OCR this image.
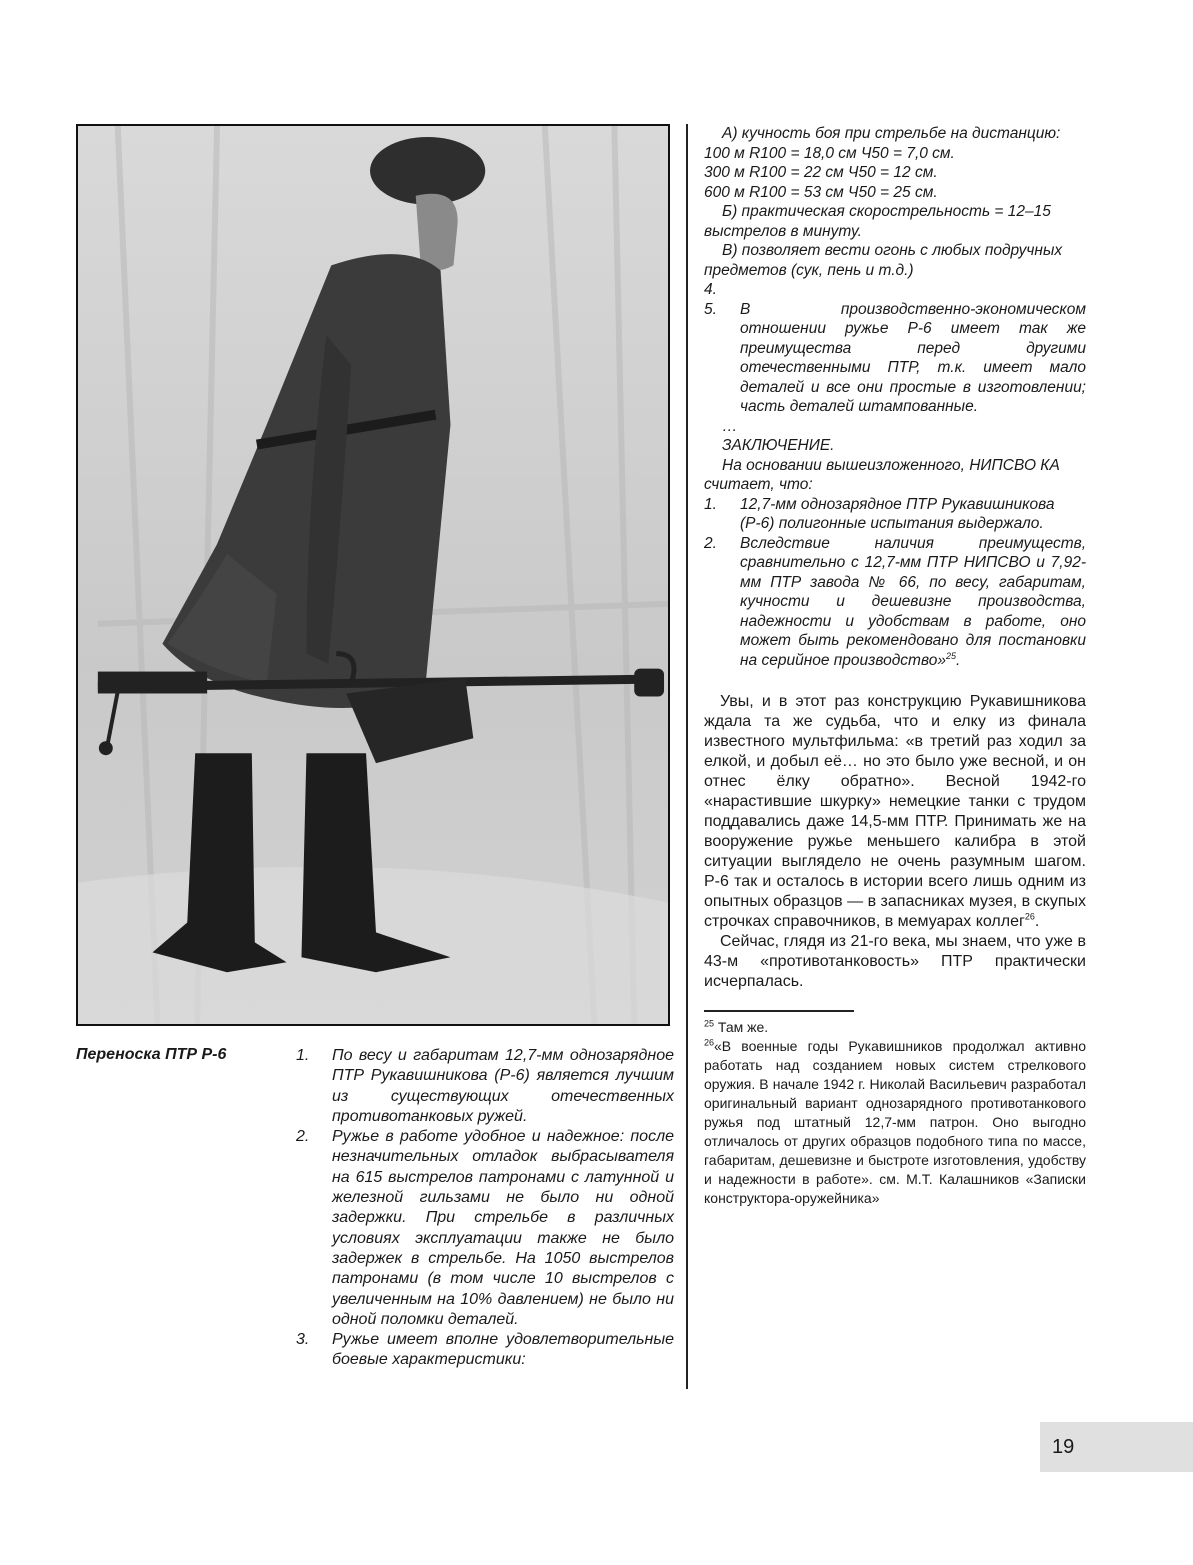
А) кучность боя при стрельбе на дистанцию:

100 м R100 = 18,0 см Ч50 = 7,0 см.

300 м R100 = 22 см Ч50 = 12 см.

600 м R100 = 53 см Ч50 = 25 см.

Б) практическая скорострельность = 12–15 выстрелов в минуту.

В) позволяет вести огонь с любых подручных предметов (сук, пень и т.д.)

4.
5.	В производственно-экономическом отношении ружье Р-6 имеет так же преимущества перед другими отечественными ПТР, т.к. имеет мало деталей и все они простые в изготовлении; часть деталей штампованные.

…

ЗАКЛЮЧЕНИЕ.

На основании вышеизложенного, НИПСВО КА считает, что:

1.	12,7-мм однозарядное ПТР Рукавишникова (Р-6) полигонные испытания выдержало.
2.	Вследствие наличия преимуществ, сравнительно с 12,7-мм ПТР НИПСВО и 7,92-мм ПТР завода № 66, по весу, габаритам, кучности и дешевизне производства, надежности и удобствам в работе, оно может быть рекомендовано для постановки на серийное производство»$^{25}$.

Увы, и в этот раз конструкцию Рукавишникова ждала та же судьба, что и елку из финала известного мультфильма: «в третий раз ходил за елкой, и добыл её… но это было уже весной, и он отнес ёлку обратно». Весной 1942-го «нарастившие шкурку» немецкие танки с трудом поддавались даже 14,5-мм ПТР. Принимать же на вооружение ружье меньшего калибра в этой ситуации выглядело не очень разумным шагом. Р-6 так и осталось в истории всего лишь одним из опытных образцов — в запасниках музея, в скупых строчках справочников, в мемуарах коллег$^{26}$.

Сейчас, глядя из 21-го века, мы знаем, что уже в 43-м «противотанковость» ПТР практически исчерпалась.

$^{25}$ Там же.

$^{26}$«В военные годы Рукавишников продолжал активно работать над созданием новых систем стрелкового оружия. В начале 1942 г. Николай Васильевич разработал оригинальный вариант однозарядного противотанкового ружья под штатный 12,7-мм патрон. Оно выгодно отличалось от других образцов подобного типа по массе, габаритам, дешевизне и быстроте изготовления, удобству и надежности в работе». см. М.Т. Калашников «Записки конструктора-оружейника»

Переноска ПТР Р-6	1.	По весу и габаритам 12,7-мм однозарядное ПТР Рукавишникова (Р-6) является лучшим из существующих отечественных противотанковых ружей.
2.	Ружье в работе удобное и надежное: после незначительных отладок выбрасывателя на 615 выстрелов патронами с латунной и железной гильзами не было ни одной задержки. При стрельбе в различных условиях эксплуатации также не было задержек в стрельбе. На 1050 выстрелов патронами (в том числе 10 выстрелов с увеличенным на 10% давлением) не было ни одной поломки деталей.
3.	Ружье имеет вполне удовлетворительные боевые характеристики:
19
